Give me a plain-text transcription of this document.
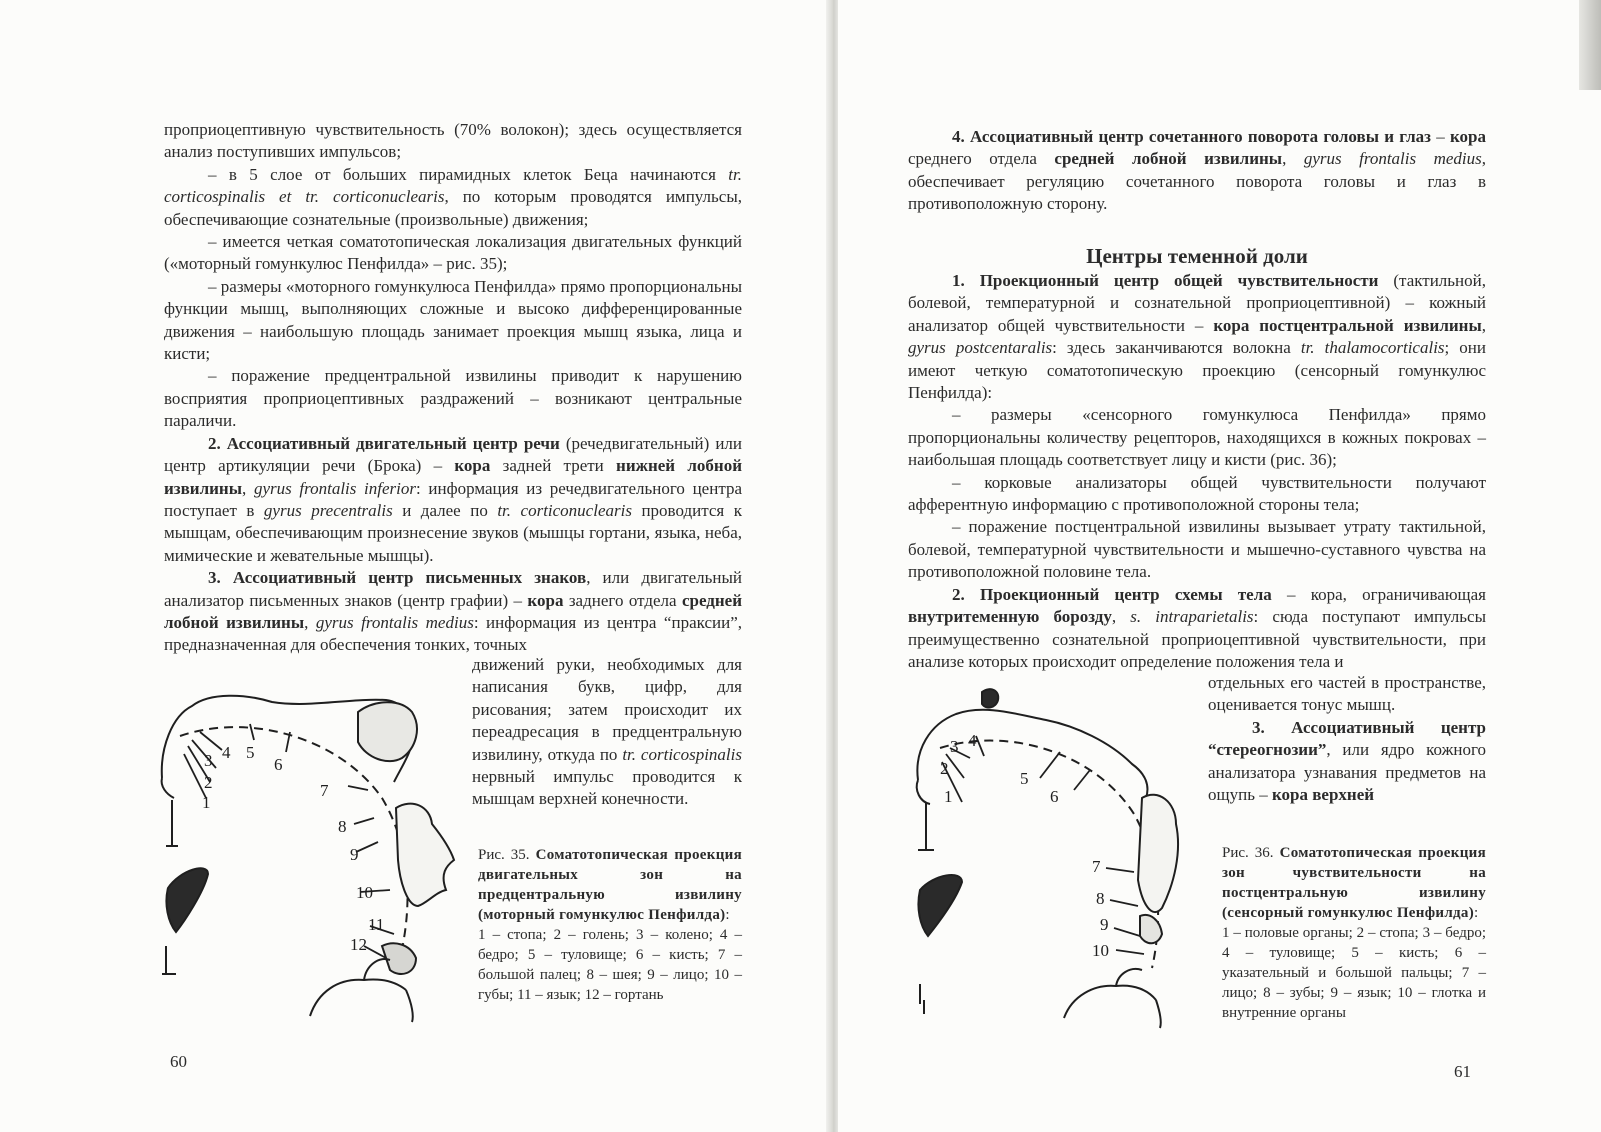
проприоцептивную чувствительность (70% волокон); здесь осуществляется анализ поступивших импульсов;

– в 5 слое от больших пирамидных клеток Беца начинаются tr. corticospinalis et tr. corticonuclearis, по которым проводятся импульсы, обеспечивающие сознательные (произвольные) движения;

– имеется четкая соматотопическая локализация двигательных функций («моторный гомункулюс Пенфилда» – рис. 35);

– размеры «моторного гомункулюса Пенфилда» прямо пропорциональны функции мышц, выполняющих сложные и высоко дифференцированные движения – наибольшую площадь занимает проекция мышц языка, лица и кисти;

– поражение предцентральной извилины приводит к нарушению восприятия проприоцептивных раздражений – возникают центральные параличи.

2. Ассоциативный двигательный центр речи (речедвигательный) или центр артикуляции речи (Брока) – кора задней трети нижней лобной извилины, gyrus frontalis inferior: информация из речедвигательного центра поступает в gyrus precentralis и далее по tr. corticonuclearis проводится к мышцам, обеспечивающим произнесение звуков (мышцы гортани, языка, неба, мимические и жевательные мышцы).

3. Ассоциативный центр письменных знаков, или двигательный анализатор письменных знаков (центр графии) – кора заднего отдела средней лобной извилины, gyrus frontalis medius: информация из центра “праксии”, предназначенная для обеспечения тонких, точных

движений руки, необходимых для написания букв, цифр, для рисования; затем происходит их переадресация в предцентральную извилину, откуда по tr. corticospinalis нервный импульс проводится к мышцам верхней конечности.

1
2
3 4 5
6
7
8
9
10
11
12
Рис. 35. Соматотопическая проекция двигательных зон на предцентральную извилину (моторный гомункулюс Пенфилда):
1 – стопа; 2 – голень; 3 – колено; 4 – бедро; 5 – туловище; 6 – кисть; 7 – большой палец; 8 – шея; 9 – лицо; 10 – губы; 11 – язык; 12 – гортань
60

4. Ассоциативный центр сочетанного поворота головы и глаз – кора среднего отдела средней лобной извилины, gyrus frontalis medius, обеспечивает регуляцию сочетанного поворота головы и глаз в противоположную сторону.

Центры теменной доли

1. Проекционный центр общей чувствительности (тактильной, болевой, температурной и сознательной проприоцептивной) – кожный анализатор общей чувствительности – кора постцентральной извилины, gyrus postcentaralis: здесь заканчиваются волокна tr. thalamocorticalis; они имеют четкую соматотопическую проекцию (сенсорный гомункулюс Пенфилда):

– размеры «сенсорного гомункулюса Пенфилда» прямо пропорциональны количеству рецепторов, находящихся в кожных покровах – наибольшая площадь соответствует лицу и кисти (рис. 36);

– корковые анализаторы общей чувствительности получают афферентную информацию с противоположной стороны тела;

– поражение постцентральной извилины вызывает утрату тактильной, болевой, температурной чувствительности и мышечно-суставного чувства на противоположной половине тела.

2. Проекционный центр схемы тела – кора, ограничивающая внутритеменную борозду, s. intraparietalis: сюда поступают импульсы преимущественно сознательной проприоцептивной чувствительности, при анализе которых происходит определение положения тела и

отдельных его частей в пространстве, оценивается тонус мышц.

3. Ассоциативный центр “стереогнозии”, или ядро кожного анализатора узнавания предметов на ощупь – кора верхней

1
2
3 4
5
6
7
8
9
10
Рис. 36. Соматотопическая проекция зон чувствительности на постцентральную извилину (сенсорный гомункулюс Пенфилда):
1 – половые органы; 2 – стопа; 3 – бедро; 4 – туловище; 5 – кисть; 6 – указательный и большой пальцы; 7 – лицо; 8 – зубы; 9 – язык; 10 – глотка и внутренние органы
61
